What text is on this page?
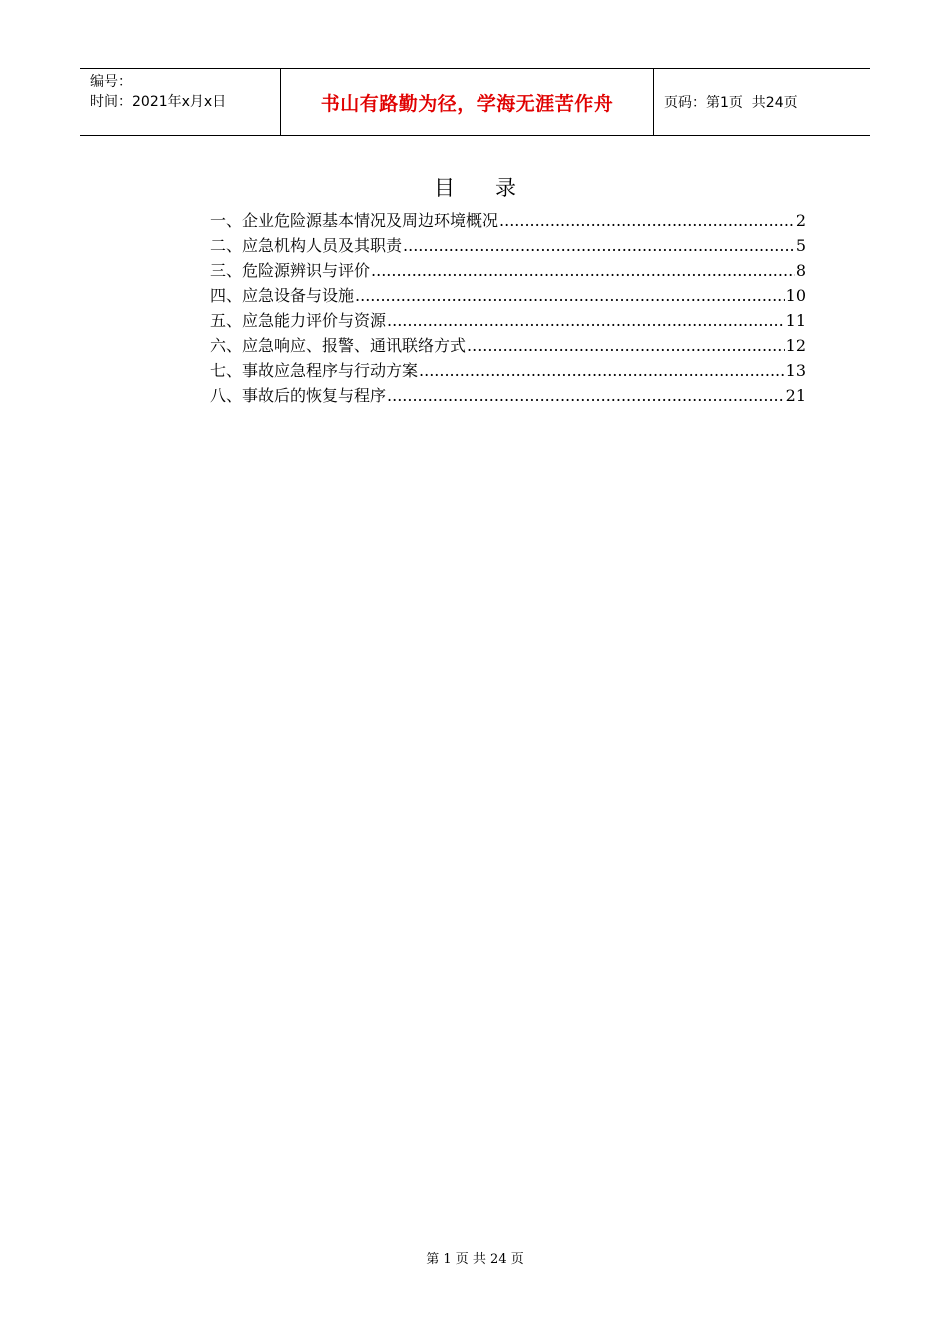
编号：
时间：2021年x月x日	书山有路勤为径，学海无涯苦作舟	页码：第1页  共24页
目 录
一、企业危险源基本情况及周边环境概况 .....	2
二、应急机构人员及其职责 .....	5
三、危险源辨识与评价 .....	8
四、应急设备与设施 .....	10
五、应急能力评价与资源 .....	11
六、应急响应、报警、通讯联络方式 .....	12
七、事故应急程序与行动方案 .....	13
八、事故后的恢复与程序 .....	21
第 1 页 共 24 页
